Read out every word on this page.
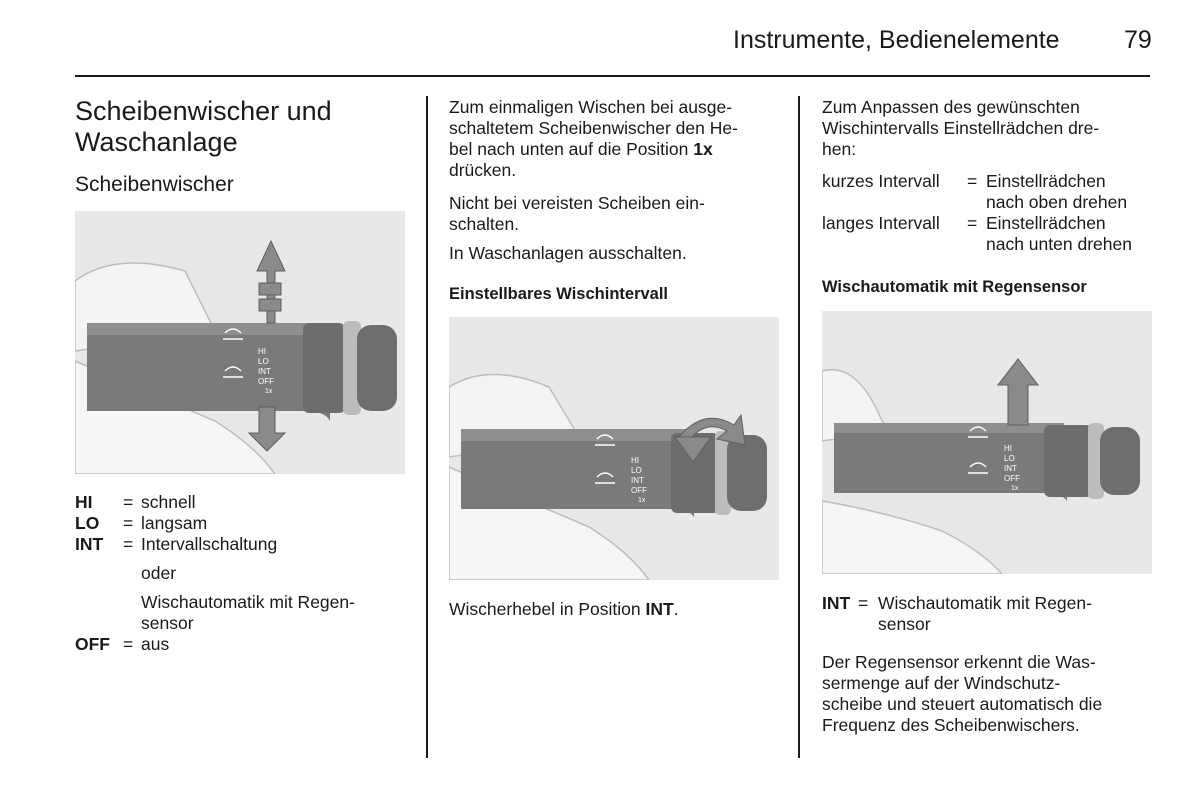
Instrumente, Bedienelemente	79
Scheibenwischer und
Waschanlage
Scheibenwischer
HI
LO
INT
OFF
1x
HI	= schnell
LO	= langsam
INT	= Intervallschaltung
oder
Wischautomatik mit Regen-
sensor
OFF = aus
Zum einmaligen Wischen bei ausge-
schaltetem Scheibenwischer den He-
bel nach unten auf die Position 1x
drücken.
Nicht bei vereisten Scheiben ein-
schalten.
In Waschanlagen ausschalten.
Einstellbares Wischintervall
HI
LO
INT
OFF
1x
Wischerhebel in Position INT.
Zum Anpassen des gewünschten
Wischintervalls Einstellrädchen dre-
hen:
kurzes Intervall	= Einstellrädchen
nach oben drehen
langes Intervall	= Einstellrädchen
nach unten drehen
Wischautomatik mit Regensensor
HI
LO
INT
OFF
1x
INT = Wischautomatik mit Regen-
sensor
Der Regensensor erkennt die Was-
sermenge auf der Windschutz-
scheibe und steuert automatisch die
Frequenz des Scheibenwischers.
